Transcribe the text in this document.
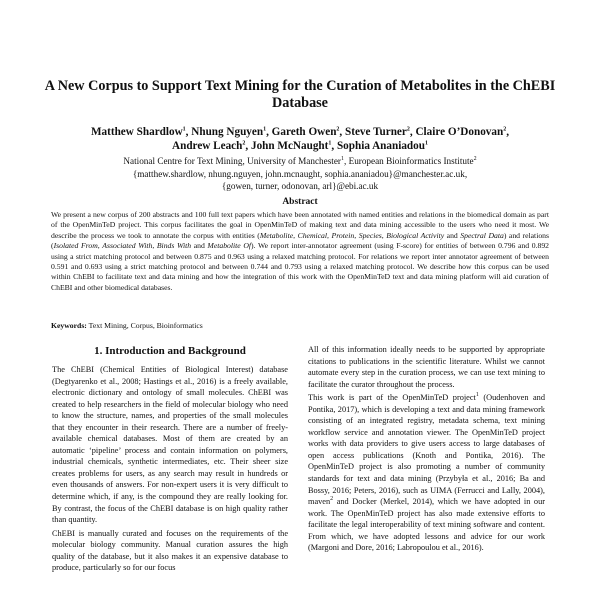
A New Corpus to Support Text Mining for the Curation of Metabolites in the ChEBI Database
Matthew Shardlow$^1$, Nhung Nguyen$^1$, Gareth Owen$^2$, Steve Turner$^2$, Claire O’Donovan$^2$,
Andrew Leach$^2$, John McNaught$^1$, Sophia Ananiadou$^1$
National Centre for Text Mining, University of Manchester$^1$, European Bioinformatics Institute$^2$
{matthew.shardlow, nhung.nguyen, john.mcnaught, sophia.ananiadou}@manchester.ac.uk,
{gowen, turner, odonovan, arl}@ebi.ac.uk
Abstract

We present a new corpus of 200 abstracts and 100 full text papers which have been annotated with named entities and relations in the biomedical domain as part of the OpenMinTeD project. This corpus facilitates the goal in OpenMinTeD of making text and data mining accessible to the users who need it most. We describe the process we took to annotate the corpus with entities (Metabolite, Chemical, Protein, Species, Biological Activity and Spectral Data) and relations (Isolated From, Associated With, Binds With and Metabolite Of). We report inter-annotator agreement (using F-score) for entities of between 0.796 and 0.892 using a strict matching protocol and between 0.875 and 0.963 using a relaxed matching protocol. For relations we report inter annotator agreement of between 0.591 and 0.693 using a strict matching protocol and between 0.744 and 0.793 using a relaxed matching protocol. We describe how this corpus can be used within ChEBI to facilitate text and data mining and how the integration of this work with the OpenMinTeD text and data mining platform will aid curation of ChEBI and other biomedical databases.

Keywords: Text Mining, Corpus, Bioinformatics
1. Introduction and Background

The ChEBI (Chemical Entities of Biological Interest) database (Degtyarenko et al., 2008; Hastings et al., 2016) is a freely available, electronic dictionary and ontology of small molecules. ChEBI was created to help researchers in the field of molecular biology who need to know the structure, names, and properties of the small molecules that they encounter in their research. There are a number of freely-available chemical databases. Most of them are created by an automatic ‘pipeline’ process and contain information on polymers, industrial chemicals, synthetic intermediates, etc. Their sheer size creates problems for users, as any search may result in hundreds or even thousands of answers. For non-expert users it is very difficult to determine which, if any, is the compound they are really looking for. By contrast, the focus of the ChEBI database is on high quality rather than quantity.

ChEBI is manually curated and focuses on the requirements of the molecular biology community. Manual curation assures the high quality of the database, but it also makes it an expensive database to produce, particularly so for our focus

All of this information ideally needs to be supported by appropriate citations to publications in the scientific literature. Whilst we cannot automate every step in the curation process, we can use text mining to facilitate the curator throughout the process.

This work is part of the OpenMinTeD project$^1$ (Oudenhoven and Pontika, 2017), which is developing a text and data mining framework consisting of an integrated registry, metadata schema, text mining workflow service and annotation viewer. The OpenMinTeD project works with data providers to give users access to large databases of open access publications (Knoth and Pontika, 2016). The OpenMinTeD project is also promoting a number of community standards for text and data mining (Przybyła et al., 2016; Ba and Bossy, 2016; Peters, 2016), such as UIMA (Ferrucci and Lally, 2004), maven$^2$ and Docker (Merkel, 2014), which we have adopted in our work. The OpenMinTeD project has also made extensive efforts to facilitate the legal interoperability of text mining software and content. From which, we have adopted lessons and advice for our work (Margoni and Dore, 2016; Labropoulou et al., 2016).
